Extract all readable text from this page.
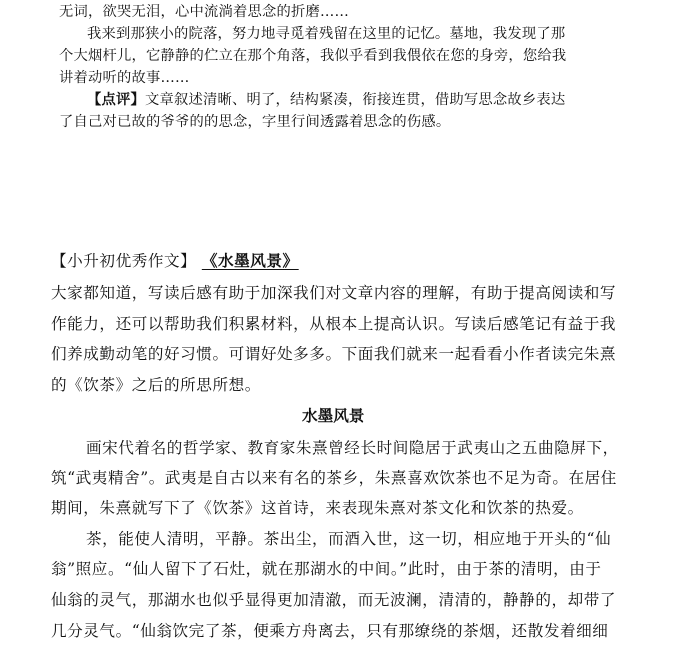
无词，欲哭无泪，心中流淌着思念的折磨……
我来到那狭小的院落，努力地寻觅着残留在这里的记忆。墓地，我发现了那
个大烟杆儿，它静静的伫立在那个角落，我似乎看到我偎依在您的身旁，您给我
讲着动听的故事……
【点评】文章叙述清晰、明了，结构紧凑，衔接连贯，借助写思念故乡表达
了自己对已故的爷爷的的思念，字里行间透露着思念的伤感。
【小升初优秀作文】 《水墨风景》
大家都知道，写读后感有助于加深我们对文章内容的理解，有助于提高阅读和写
作能力，还可以帮助我们积累材料，从根本上提高认识。写读后感笔记有益于我
们养成勤动笔的好习惯。可谓好处多多。下面我们就来一起看看小作者读完朱熹
的《饮茶》之后的所思所想。
水墨风景
画宋代着名的哲学家、教育家朱熹曾经长时间隐居于武夷山之五曲隐屏下，
筑“武夷精舍”。武夷是自古以来有名的茶乡，朱熹喜欢饮茶也不足为奇。在居住
期间，朱熹就写下了《饮茶》这首诗，来表现朱熹对茶文化和饮茶的热爱。
茶，能使人清明，平静。茶出尘，而酒入世，这一切，相应地于开头的“仙
翁”照应。“仙人留下了石灶，就在那湖水的中间。”此时，由于茶的清明，由于
仙翁的灵气，那湖水也似乎显得更加清澈，而无波澜，清清的，静静的，却带了
几分灵气。“仙翁饮完了茶，便乘方舟离去，只有那缭绕的茶烟，还散发着细细
